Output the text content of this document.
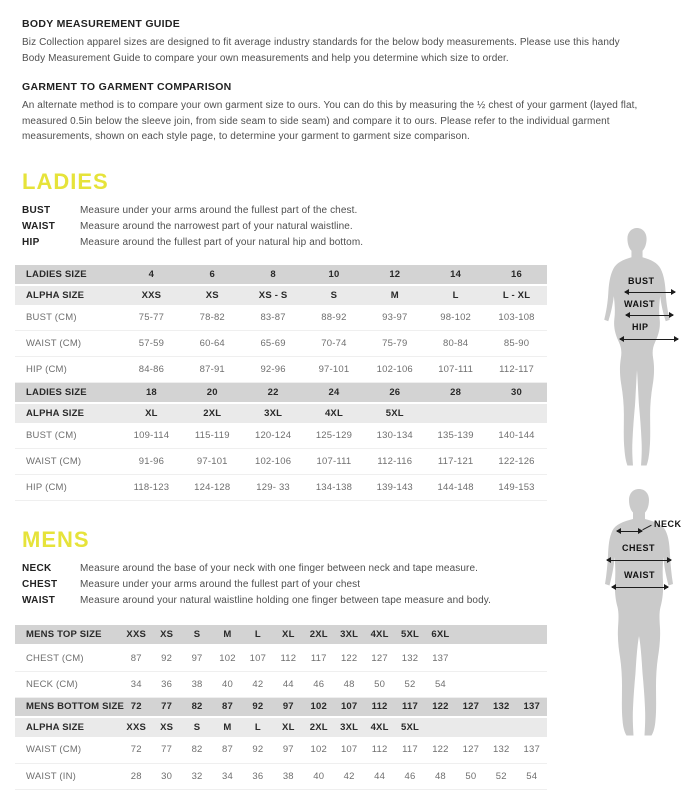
BODY MEASUREMENT GUIDE
Biz Collection apparel sizes are designed to fit average industry standards for the below body measurements. Please use this handy Body Measurement Guide to compare your own measurements and help you determine which size to order.
GARMENT TO GARMENT COMPARISON
An alternate method is to compare your own garment size to ours. You can do this by measuring the ½ chest of your garment (layed flat, measured 0.5in below the sleeve join, from side seam to side seam) and compare it to ours. Please refer to the individual garment measurements, shown on each style page, to determine your garment to garment size comparison.
LADIES
BUST	Measure under your arms around the fullest part of the chest.
WAIST	Measure around the narrowest part of your natural waistline.
HIP	Measure around the fullest part of your natural hip and bottom.
LADIES SIZE	4	6	8	10	12	14	16
ALPHA SIZE	XXS	XS	XS - S	S	M	L	L - XL
BUST (CM)	75-77	78-82	83-87	88-92	93-97	98-102	103-108
WAIST (CM)	57-59	60-64	65-69	70-74	75-79	80-84	85-90
HIP (CM)	84-86	87-91	92-96	97-101	102-106	107-111	112-117
LADIES SIZE	18	20	22	24	26	28	30
ALPHA SIZE	XL	2XL	3XL	4XL	5XL		
BUST (CM)	109-114	115-119	120-124	125-129	130-134	135-139	140-144
WAIST (CM)	91-96	97-101	102-106	107-111	112-116	117-121	122-126
HIP (CM)	118-123	124-128	129- 33	134-138	139-143	144-148	149-153
MENS
NECK	Measure around the base of your neck with one finger between neck and tape measure.
CHEST	Measure under your arms around the fullest part of your chest
WAIST	Measure around your natural waistline holding one finger between tape measure and body.
MENS TOP SIZE	XXS	XS	S	M	L	XL	2XL	3XL	4XL	5XL	6XL			
CHEST (CM)	87	92	97	102	107	112	117	122	127	132	137			
NECK (CM)	34	36	38	40	42	44	46	48	50	52	54			
MENS BOTTOM SIZE	72	77	82	87	92	97	102	107	112	117	122	127	132	137
ALPHA SIZE	XXS	XS	S	M	L	XL	2XL	3XL	4XL	5XL				
WAIST (CM)	72	77	82	87	92	97	102	107	112	117	122	127	132	137
WAIST (IN)	28	30	32	34	36	38	40	42	44	46	48	50	52	54
BUST
WAIST
HIP
NECK
CHEST
WAIST
